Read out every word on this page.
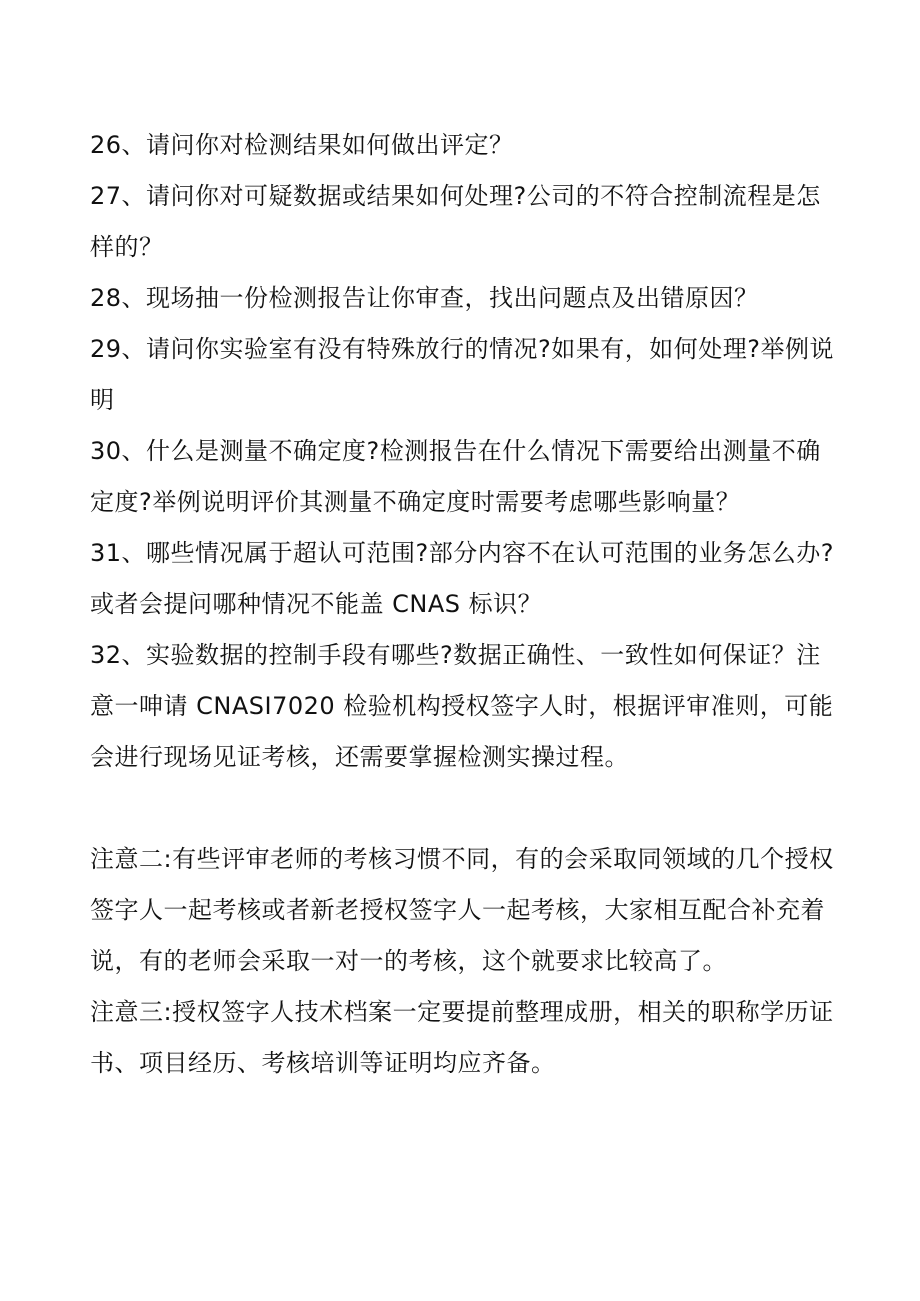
26、请问你对检测结果如何做出评定？

27、请问你对可疑数据或结果如何处理?公司的不符合控制流程是怎样的？

28、现场抽一份检测报告让你审查，找出问题点及出错原因？

29、请问你实验室有没有特殊放行的情况?如果有，如何处理?举例说明

30、什么是测量不确定度?检测报告在什么情况下需要给出测量不确定度?举例说明评价其测量不确定度时需要考虑哪些影响量？

31、哪些情况属于超认可范围?部分内容不在认可范围的业务怎么办?或者会提问哪种情况不能盖 CNAS 标识？

32、实验数据的控制手段有哪些?数据正确性、一致性如何保证？注意一呻请 CNASI7020 检验机构授权签字人时，根据评审准则，可能会进行现场见证考核，还需要掌握检测实操过程。

注意二:有些评审老师的考核习惯不同，有的会采取同领域的几个授权签字人一起考核或者新老授权签字人一起考核，大家相互配合补充着说，有的老师会采取一对一的考核，这个就要求比较高了。

注意三:授权签字人技术档案一定要提前整理成册，相关的职称学历证书、项目经历、考核培训等证明均应齐备。
